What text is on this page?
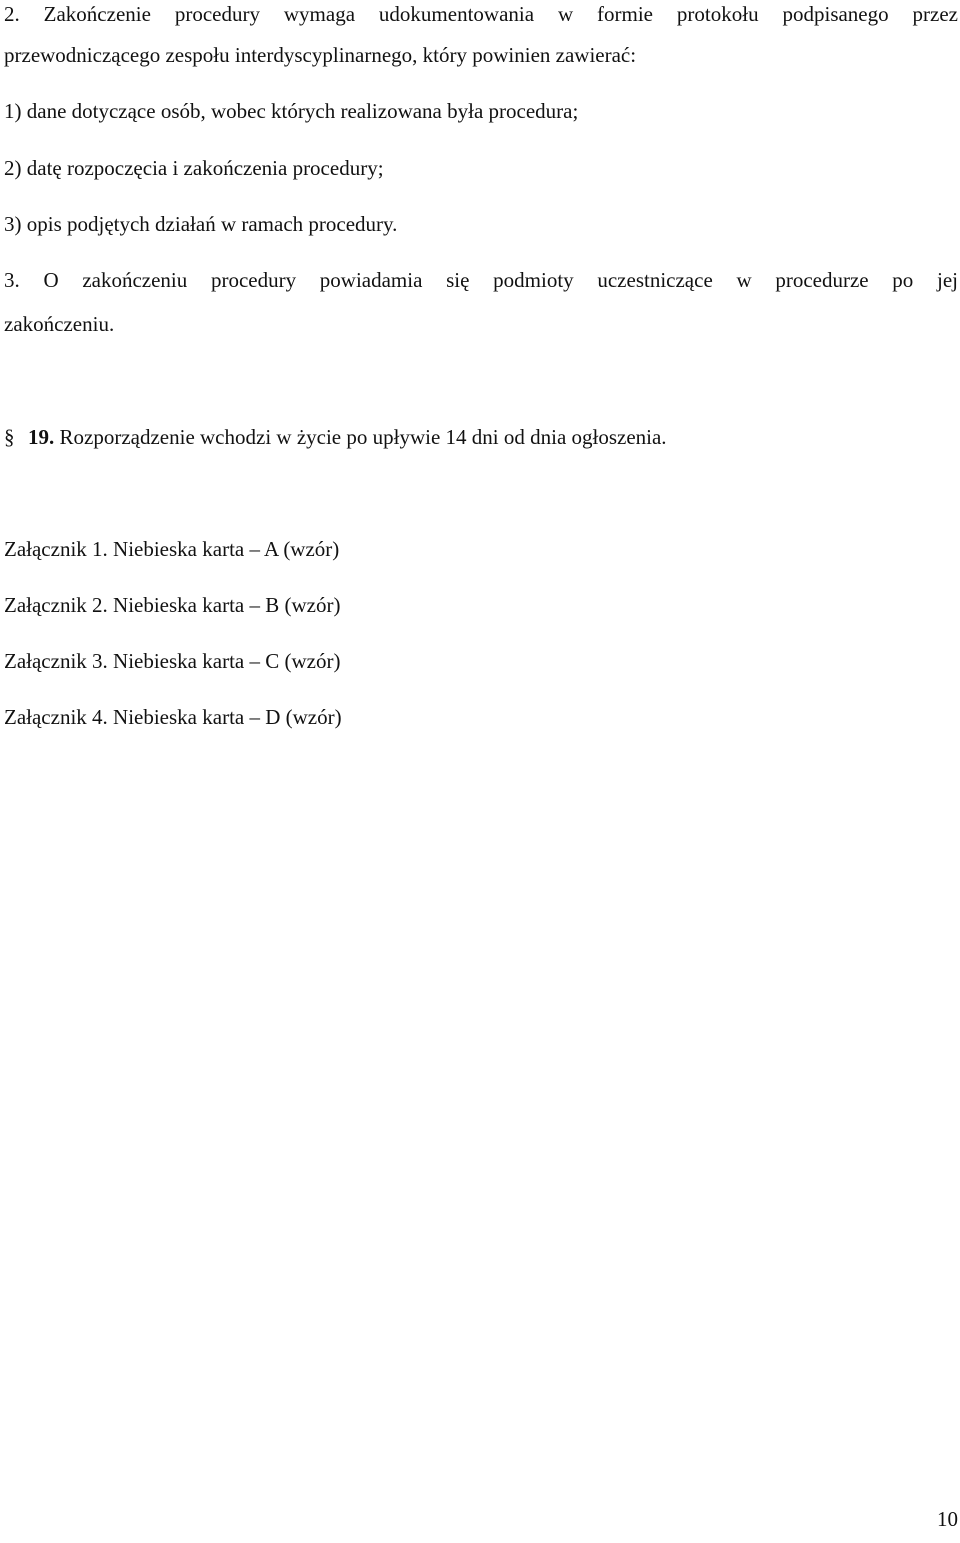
2. Zakończenie procedury wymaga udokumentowania w formie protokołu podpisanego przez
przewodniczącego zespołu interdyscyplinarnego, który powinien zawierać:
1) dane dotyczące osób, wobec których realizowana była procedura;
2) datę rozpoczęcia i zakończenia procedury;
3) opis podjętych działań w ramach procedury.
3. O zakończeniu procedury powiadamia się podmioty uczestniczące w procedurze po jej
zakończeniu.
§ 19. Rozporządzenie wchodzi w życie po upływie 14 dni od dnia ogłoszenia.
Załącznik 1. Niebieska karta – A (wzór)
Załącznik 2. Niebieska karta – B (wzór)
Załącznik 3. Niebieska karta – C (wzór)
Załącznik 4. Niebieska karta – D (wzór)
10
